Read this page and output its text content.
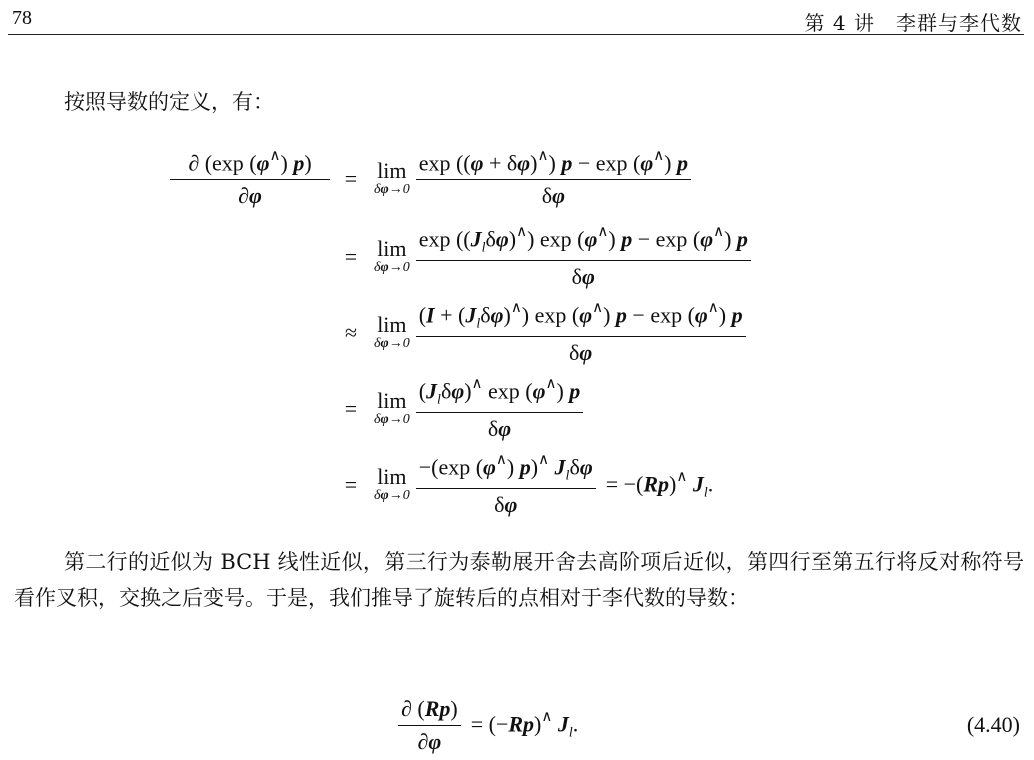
78	第 4 讲　李群与李代数
按照导数的定义，有：
$\frac{\partial (\exp (\varphi^\wedge) p)}{\partial\varphi} = \lim$
$\delta\varphi\to 0 \frac{\exp ((\varphi + \delta\varphi)^\wedge) p - \exp (\varphi^\wedge) p}{\delta\varphi}$
= lim
$\delta\varphi\to 0 \frac{\exp ((J_l\delta\varphi)^\wedge) \exp (\varphi^\wedge) p - \exp (\varphi^\wedge) p}{\delta\varphi}$
≈ lim
$\delta\varphi\to 0 \frac{(I + (J_l\delta\varphi)^\wedge) \exp (\varphi^\wedge) p - \exp (\varphi^\wedge) p}{\delta\varphi}$
= lim
$\delta\varphi\to 0 \frac{(J_l\delta\varphi)^\wedge \exp (\varphi^\wedge) p}{\delta\varphi}$
= lim
$\delta\varphi\to 0 \frac{-(\exp (\varphi^\wedge) p)^\wedge J_l\delta\varphi}{\delta\varphi} = -(Rp)^\wedge$ $J_l$.
第二行的近似为 BCH 线性近似，第三行为泰勒展开舍去高阶项后近似，第四行至第五行将反对称符号看作叉积，交换之后变号。于是，我们推导了旋转后的点相对于李代数的导数：
$\frac{\partial (Rp)}{\partial\varphi} = (-Rp)^\wedge$ $J_l$.	(4.40)
